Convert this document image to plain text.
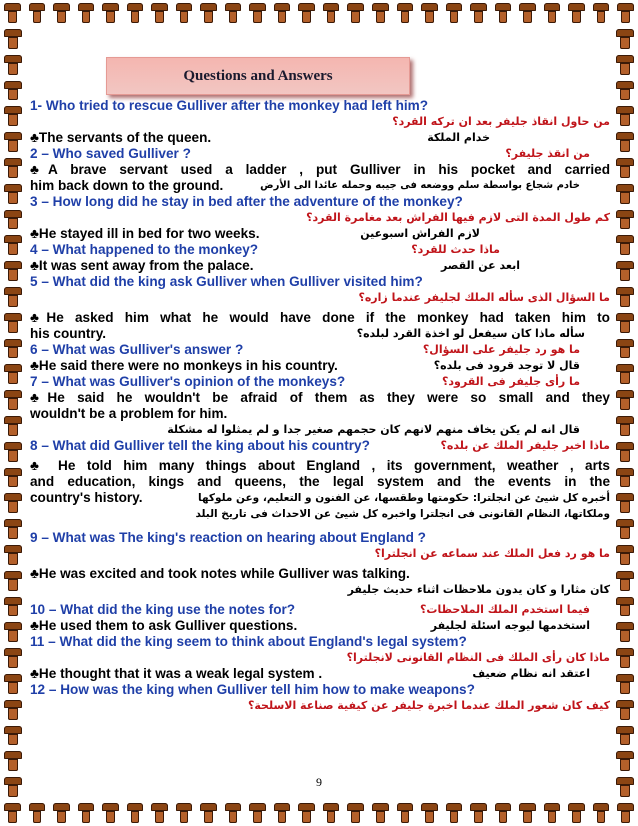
Questions and Answers
1- Who tried to rescue Gulliver after the monkey had left him?
من حاول انقاذ جليفر بعد ان تركه القرد؟
♣The servants of the queen.	خدام الملكة
2 – Who saved Gulliver ?	من انقذ جليفر؟
♣A brave servant used a ladder , put Gulliver in his pocket and carried
him back down to the ground.	خادم شجاع بواسطة سلم ووضعه فى جيبه وحمله عائدا الى الأرض
3 – How long did he stay in bed after the adventure of the monkey?
كم طول المدة التى لازم فيها الفراش بعد مغامرة القرد؟
♣He stayed ill in bed for two weeks.	لازم الفراش اسبوعين
4 – What happened to the monkey?	ماذا حدث للقرد؟
♣It was sent away from the palace.	ابعد عن القصر
5 – What did the king ask Gulliver when Gulliver visited him?
ما السؤال الذى سأله الملك لجليفر عندما زاره؟
♣He asked him what he would have done if the monkey had taken him to
his country.	سأله ماذا كان سيفعل لو اخذة القرد لبلده؟
6 – What was Gulliver's answer ?	ما هو رد جليفر على السؤال؟
♣He said there were no monkeys in his country.	قال لا توجد قرود فى بلده؟
7 – What was Gulliver's opinion of the monkeys?	ما رأى جليفر فى القرود؟
♣He said he wouldn't be afraid of them as they were so small and they
wouldn't be a problem for him.
قال انه لم يكن يخاف منهم لانهم كان حجمهم صغير جدا و لم يمثلوا له مشكلة
8 – What did Gulliver tell the king about his country?	ماذا اخبر جليفر الملك عن بلده؟
♣ He told him many things about England , its government, weather , arts
and education, kings and queens, the legal system and the events in the
country's history.	أخبره كل شيئ عن انجلترا: حكومتها وطقسها، عن الفنون و التعليم، وعن ملوكها
وملكاتها، النظام القانونى فى انجلترا واخبره كل شيئ عن الاحداث فى تاريخ البلد
9 – What was The king's reaction on hearing about England ?
ما هو رد فعل الملك عند سماعه عن انجلترا؟
♣He was excited and took notes while Gulliver was talking.
كان مثارا و كان يدون ملاحظات اثناء حديث جليفر
10 – What did the king use the notes for?	فيما استخدم الملك الملاحظات؟
♣He used them to ask Gulliver questions.	استخدمها ليوجه اسئلة لجليفر
11 – What did the king seem to think about England's legal system?
ماذا كان رأى الملك فى النظام القانونى لانجلترا؟
♣He thought that it was a weak legal system .	اعتقد انه نظام ضعيف
12 – How was the king when Gulliver tell him how to make weapons?
كيف كان شعور الملك عندما اخبرة جليفر عن كيفية صناعة الاسلحة؟
9
